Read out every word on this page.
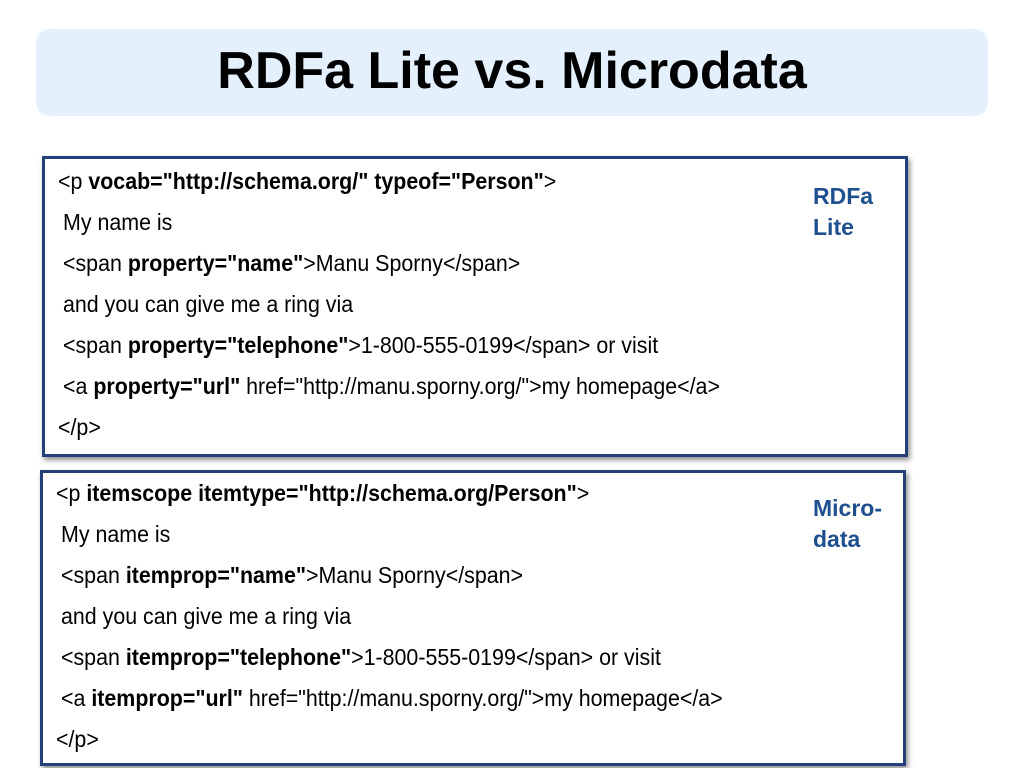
RDFa Lite vs. Microdata

<p vocab="http://schema.org/" typeof="Person">

My name is

<span property="name">Manu Sporny</span>

and you can give me a ring via

<span property="telephone">1-800-555-0199</span> or visit

<a property="url" href="http://manu.sporny.org/">my homepage</a>

</p>

RDFa
Lite

<p itemscope itemtype="http://schema.org/Person">

My name is

<span itemprop="name">Manu Sporny</span>

and you can give me a ring via

<span itemprop="telephone">1-800-555-0199</span> or visit

<a itemprop="url" href="http://manu.sporny.org/">my homepage</a>

</p>

Micro-
data
